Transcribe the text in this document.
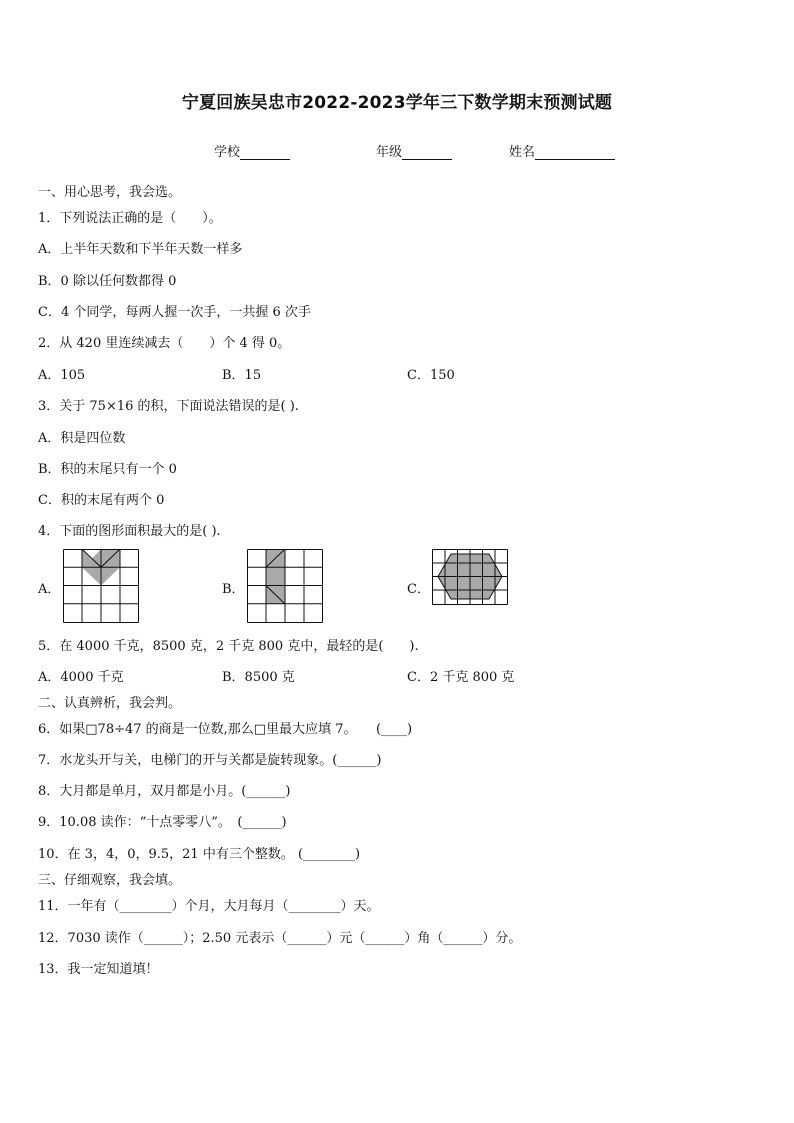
宁夏回族吴忠市2022-2023学年三下数学期末预测试题
学校	年级	姓名
一、用心思考，我会选。
1．下列说法正确的是（　　）。
A．上半年天数和下半年天数一样多
B．0 除以任何数都得 0
C．4 个同学，每两人握一次手，一共握 6 次手
2．从 420 里连续减去（　　）个 4 得 0。
A．105	B．15	C．150
3．关于 75×16 的积，下面说法错误的是( ).
A．积是四位数
B．积的末尾只有一个 0
C．积的末尾有两个 0
4．下面的图形面积最大的是( ).
A．	B．	C．
5．在 4000 千克，8500 克，2 千克 800 克中，最轻的是(　　).
A．4000 千克	B．8500 克	C．2 千克 800 克
二、认真辨析，我会判。
6．如果□78÷47 的商是一位数,那么□里最大应填 7。　　(____)
7．水龙头开与关，电梯门的开与关都是旋转现象。(______)
8．大月都是单月，双月都是小月。(______)
9．10.08 读作：“十点零零八”。　(______)
10．在 3，4，0，9.5，21 中有三个整数。 (________)
三、仔细观察，我会填。
11．一年有（________）个月，大月每月（________）天。
12．7030 读作（______）；2.50 元表示（______）元（______）角（______）分。
13．我一定知道填！
